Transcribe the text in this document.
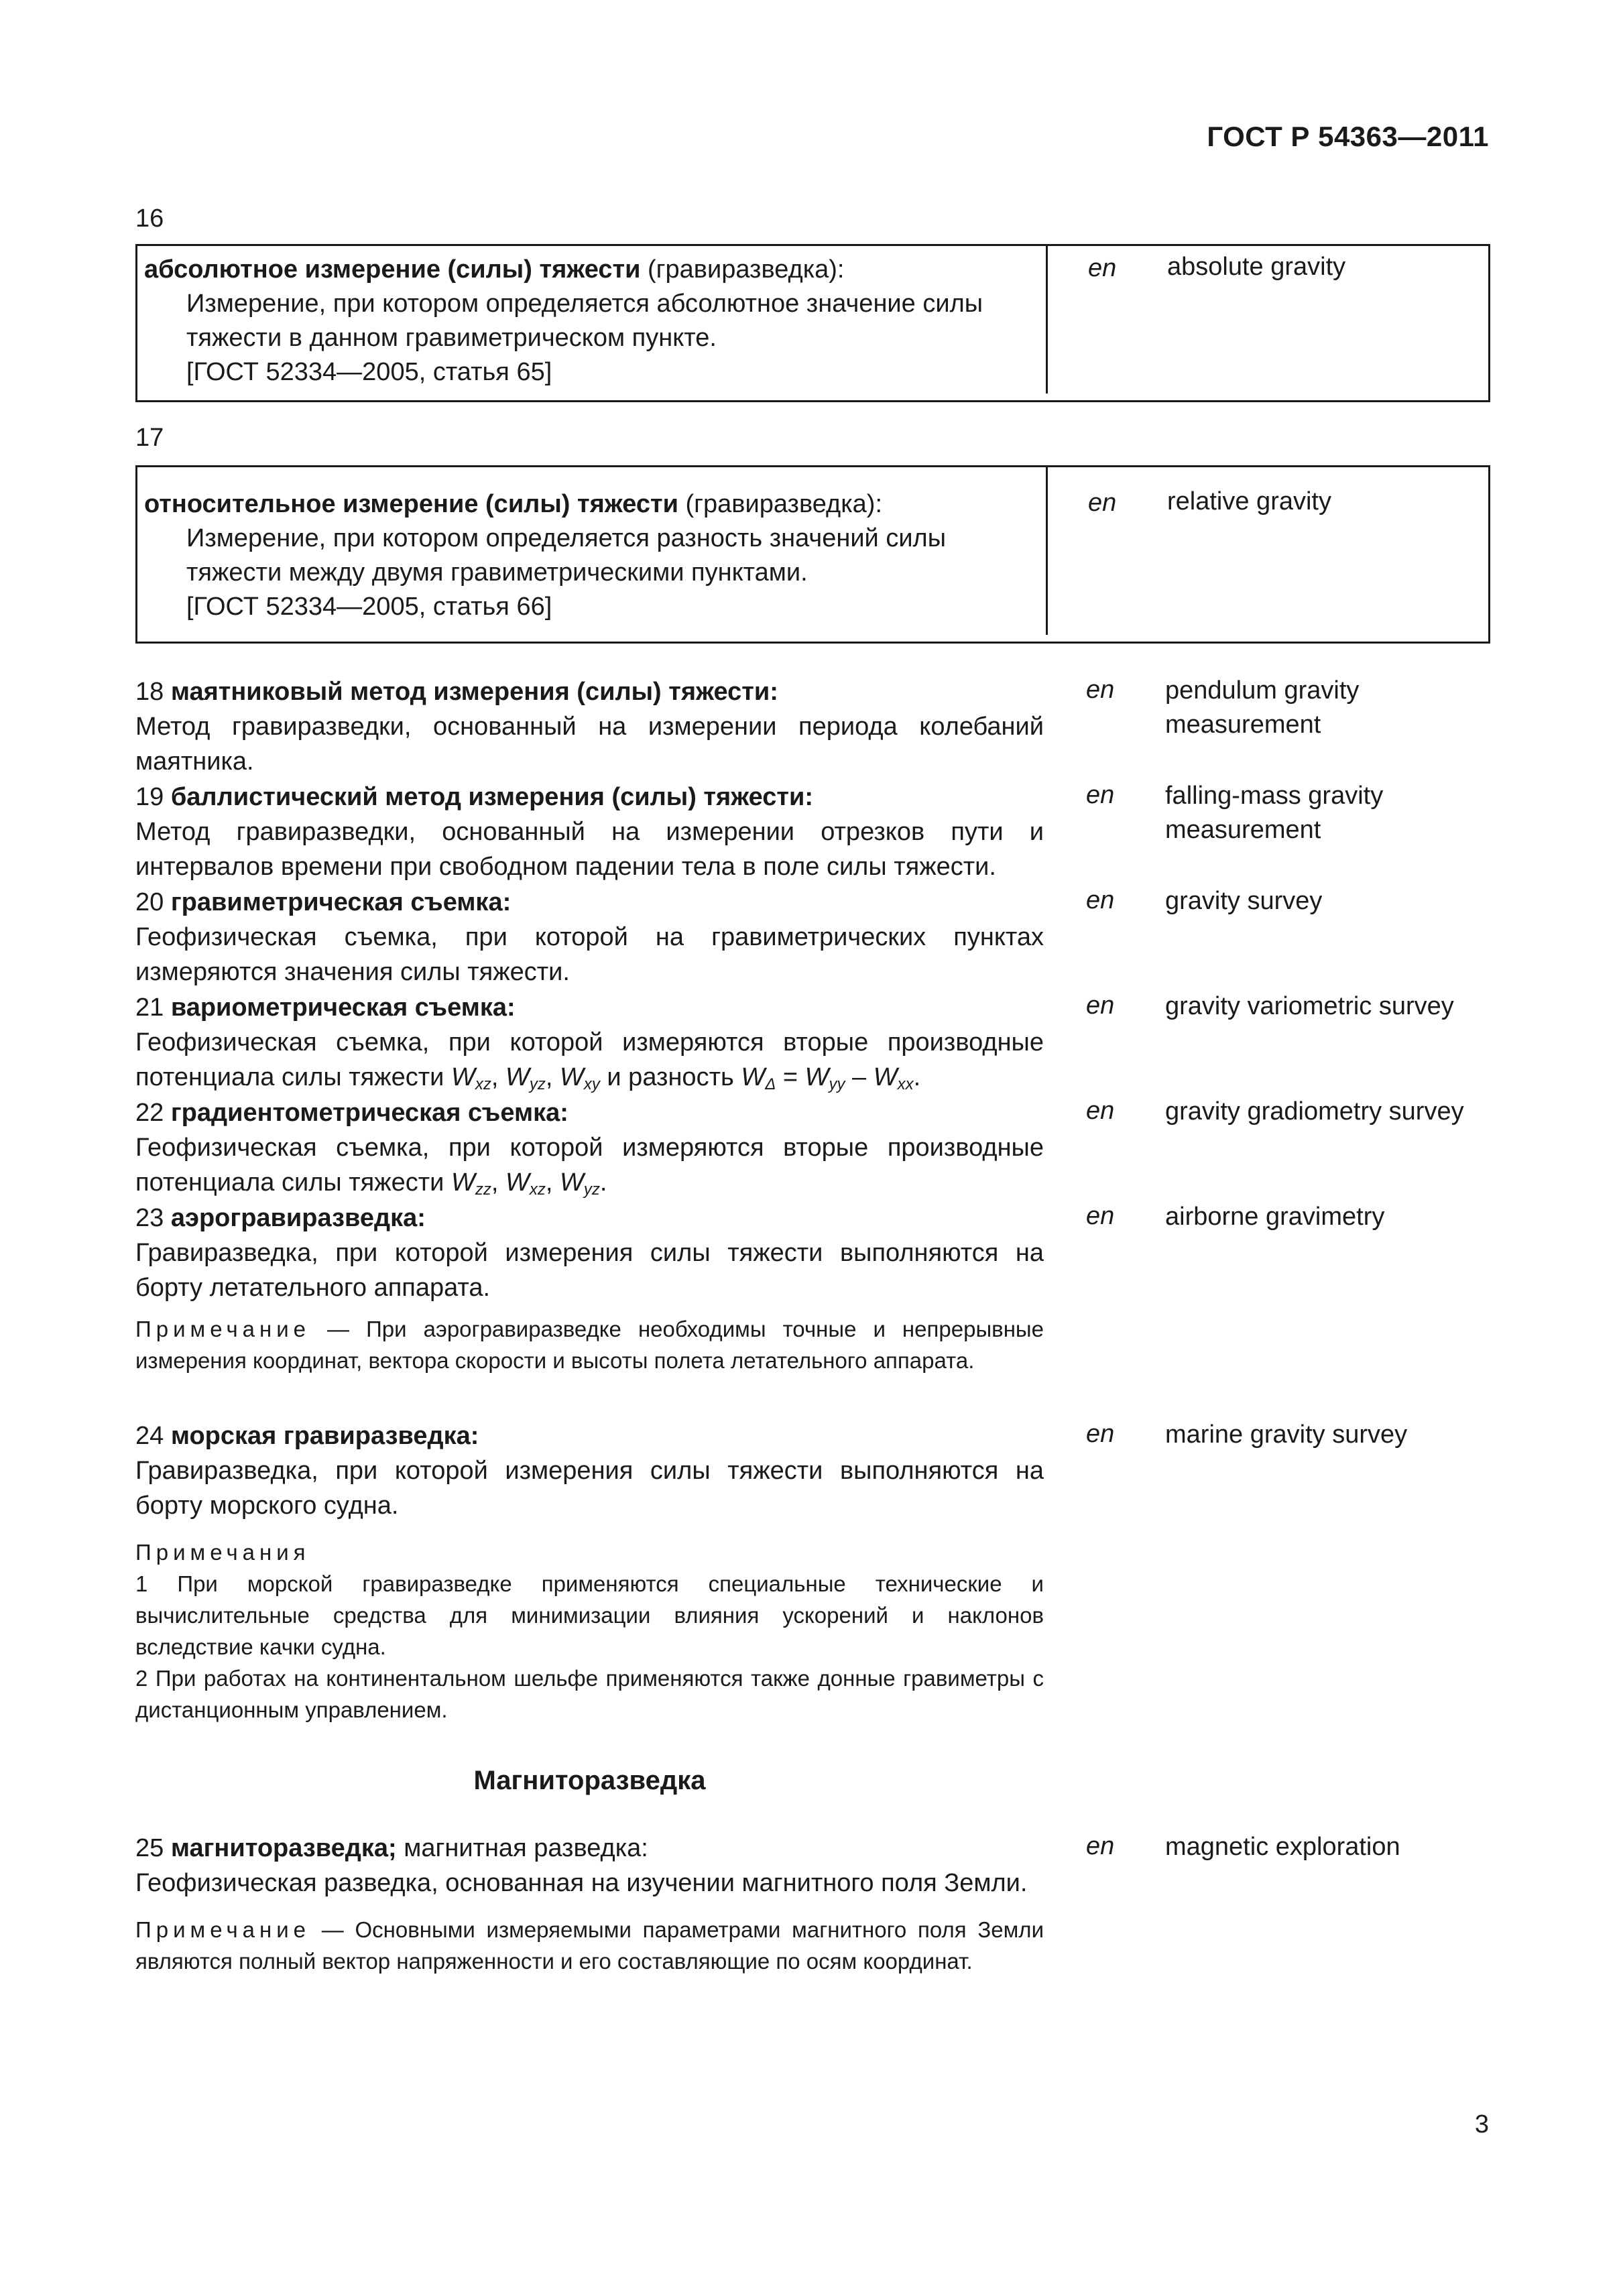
ГОСТ Р 54363—2011
16
абсолютное измерение (силы) тяжести (гравиразведка):
Измерение, при котором определяется абсолютное значение силы тяжести в данном гравиметрическом пункте.
[ГОСТ 52334—2005, статья 65]
en absolute gravity
17
относительное измерение (силы) тяжести (гравиразведка):
Измерение, при котором определяется разность значений силы тяжести между двумя гравиметрическими пунктами.
[ГОСТ 52334—2005, статья 66]
en relative gravity
18 маятниковый метод измерения (силы) тяжести:
Метод гравиразведки, основанный на измерении периода колебаний маятника.
en pendulum gravity measurement
19 баллистический метод измерения (силы) тяжести:
Метод гравиразведки, основанный на измерении отрезков пути и интервалов времени при свободном падении тела в поле силы тяжести.
en falling-mass gravity measurement
20 гравиметрическая съемка:
Геофизическая съемка, при которой на гравиметрических пунктах измеряются значения силы тяжести.
en gravity survey
21 вариометрическая съемка:
Геофизическая съемка, при которой измеряются вторые производные потенциала силы тяжести $W_{xz}$, $W_{yz}$, $W_{xy}$ и разность $W_\Delta = W_{yy} - W_{xx}$.
en gravity variometric survey
22 градиентометрическая съемка:
Геофизическая съемка, при которой измеряются вторые производные потенциала силы тяжести $W_{zz}$, $W_{xz}$, $W_{yz}$.
en gravity gradiometry survey
23 аэрогравиразведка:
Гравиразведка, при которой измерения силы тяжести выполняются на борту летательного аппарата.
Примечание — При аэрогравиразведке необходимы точные и непрерывные измерения координат, вектора скорости и высоты полета летательного аппарата.
en airborne gravimetry
24 морская гравиразведка:
Гравиразведка, при которой измерения силы тяжести выполняются на борту морского судна.
Примечания
1 При морской гравиразведке применяются специальные технические и вычислительные средства для минимизации влияния ускорений и наклонов вследствие качки судна.
2 При работах на континентальном шельфе применяются также донные гравиметры с дистанционным управлением.
en marine gravity survey
Магниторазведка
25 магниторазведка; магнитная разведка:
Геофизическая разведка, основанная на изучении магнитного поля Земли.
Примечание — Основными измеряемыми параметрами магнитного поля Земли являются полный вектор напряженности и его составляющие по осям координат.
en magnetic exploration
3
